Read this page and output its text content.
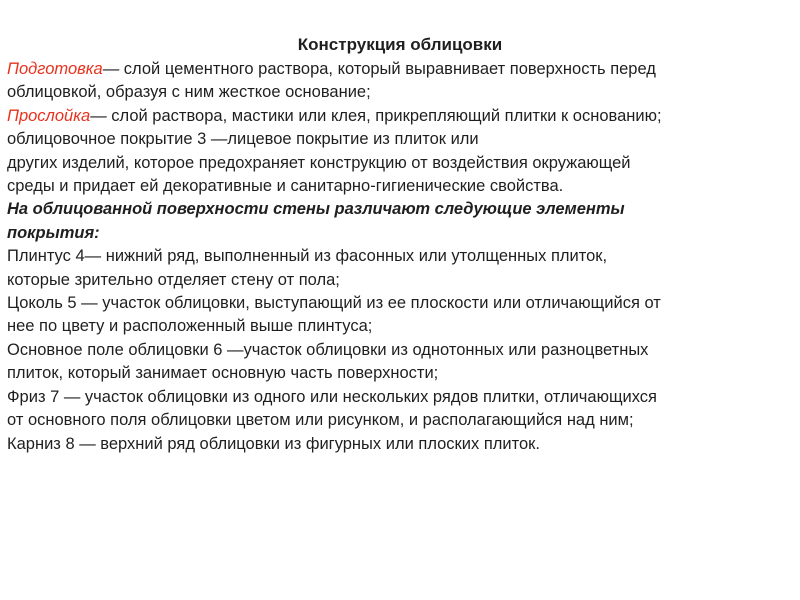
Конструкция облицовки
Подготовка— слой цементного раствора, который выравнивает поверхность перед
облицовкой, образуя с ним жесткое основание;
Прослойка— слой раствора, мастики или клея, прикрепляющий плитки к основанию;
облицовочное покрытие 3 —лицевое покрытие из плиток или
других изделий, которое предохраняет конструкцию от воздействия окружающей
среды и придает ей декоративные и санитарно-гигиенические свойства.
На облицованной поверхности стены различают следующие элементы
покрытия:
Плинтус 4— нижний ряд, выполненный из фасонных или утолщенных плиток,
которые зрительно отделяет стену от пола;
Цоколь 5 — участок облицовки, выступающий из ее плоскости или отличающийся от
нее по цвету и расположенный выше плинтуса;
Основное поле облицовки 6 —участок облицовки из однотонных или разноцветных
плиток, который занимает основную часть поверхности;
Фриз 7 — участок облицовки из одного или нескольких рядов плитки, отличающихся
от основного поля облицовки цветом или рисунком, и располагающийся над ним;
Карниз 8 — верхний ряд облицовки из фигурных или плоских плиток.
